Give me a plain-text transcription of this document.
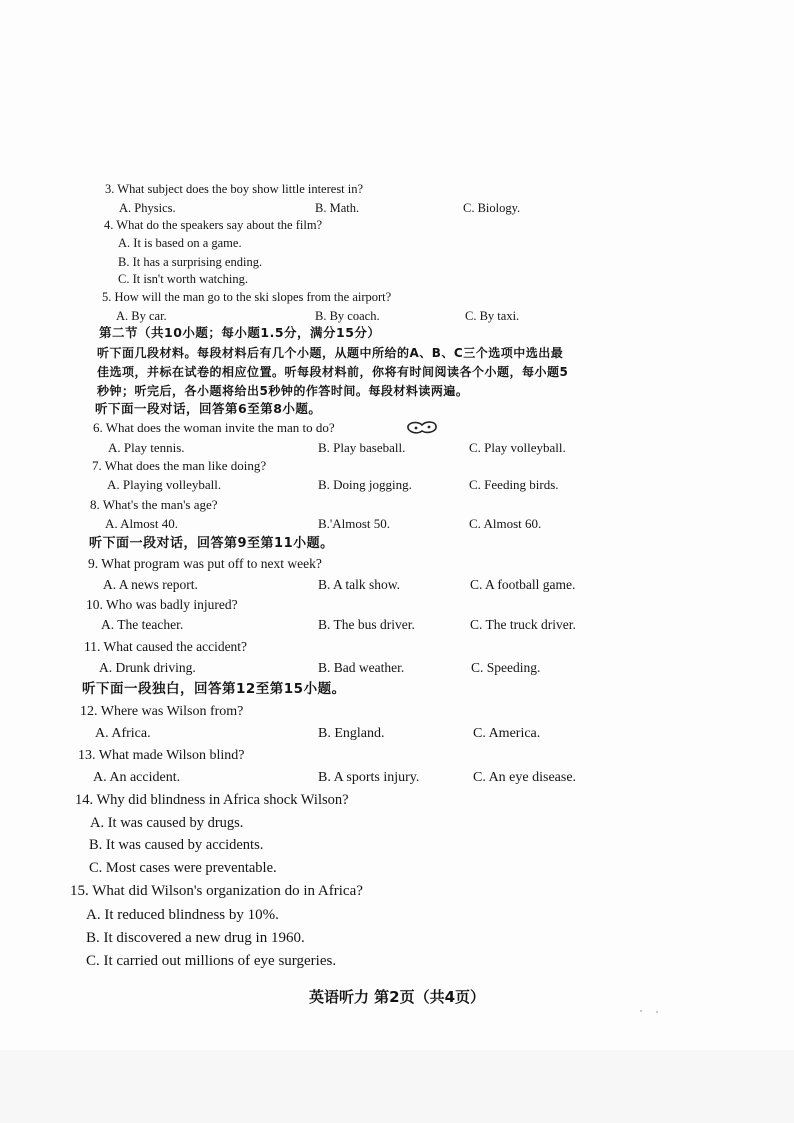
3. What subject does the boy show little interest in?
A. Physics.	B. Math.	C. Biology.
4. What do the speakers say about the film?
A. It is based on a game.
B. It has a surprising ending.
C. It isn't worth watching.
5. How will the man go to the ski slopes from the airport?
A. By car.	B. By coach.	C. By taxi.
第二节（共10小题；每小题1.5分，满分15分）
听下面几段材料。每段材料后有几个小题，从题中所给的A、B、C三个选项中选出最
佳选项，并标在试卷的相应位置。听每段材料前，你将有时间阅读各个小题，每小题5
秒钟；听完后，各小题将给出5秒钟的作答时间。每段材料读两遍。
听下面一段对话，回答第6至第8小题。
6. What does the woman invite the man to do?
A. Play tennis.	B. Play baseball.	C. Play volleyball.
7. What does the man like doing?
A. Playing volleyball.	B. Doing jogging.	C. Feeding birds.
8. What's the man's age?
A. Almost 40.	B.'Almost 50.	C. Almost 60.
听下面一段对话，回答第9至第11小题。
9. What program was put off to next week?
A. A news report.	B. A talk show.	C. A football game.
10. Who was badly injured?
A. The teacher.	B. The bus driver.	C. The truck driver.
11. What caused the accident?
A. Drunk driving.	B. Bad weather.	C. Speeding.
听下面一段独白，回答第12至第15小题。
12. Where was Wilson from?
A. Africa.	B. England.	C. America.
13. What made Wilson blind?
A. An accident.	B. A sports injury.	C. An eye disease.
14. Why did blindness in Africa shock Wilson?
A. It was caused by drugs.
B. It was caused by accidents.
C. Most cases were preventable.
15. What did Wilson's organization do in Africa?
A. It reduced blindness by 10%.
B. It discovered a new drug in 1960.
C. It carried out millions of eye surgeries.
英语听力 第2页（共4页）
